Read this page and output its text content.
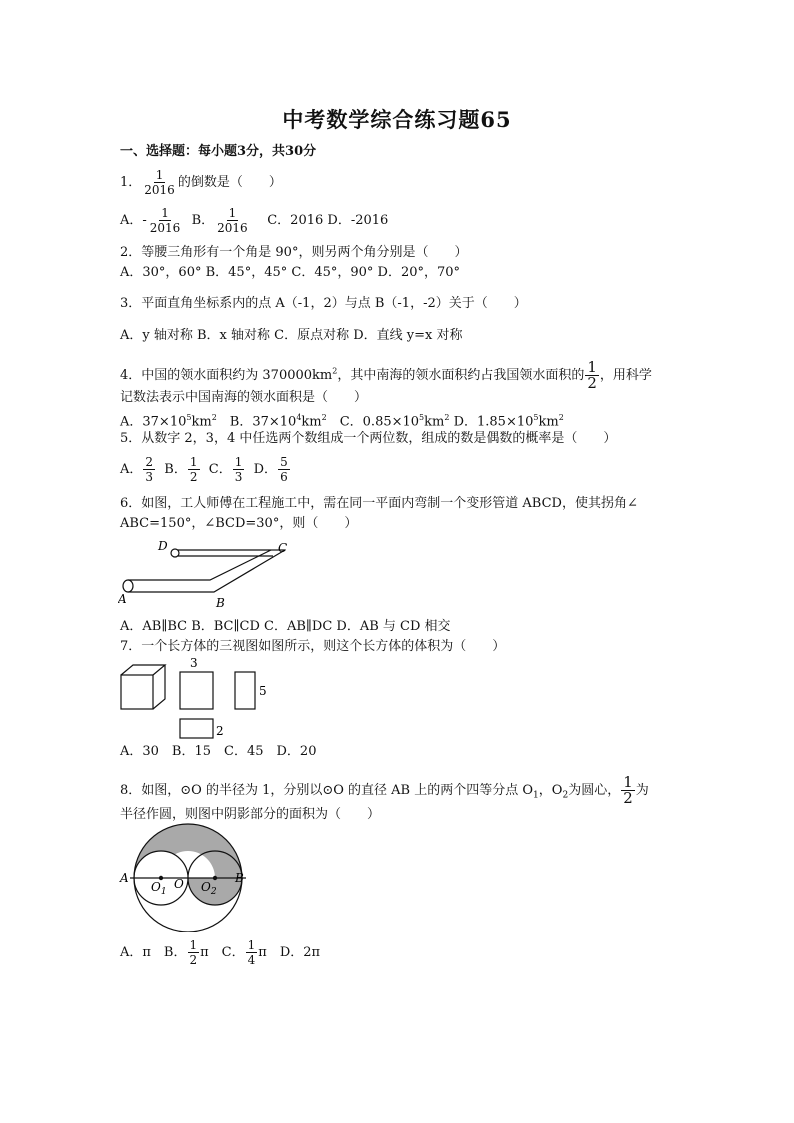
中考数学综合练习题65
一、选择题：每小题3分，共30分
1． $\frac{1}{2016}$ 的倒数是（　　）
A．- $\frac{1}{2016}$ B． $\frac{1}{2016}$ C．2016 D．-2016
2．等腰三角形有一个角是 90°，则另两个角分别是（　　）
A．30°，60° B．45°，45° C．45°，90° D．20°，70°
3．平面直角坐标系内的点 A（-1，2）与点 B（-1，-2）关于（　　）
A．y 轴对称 B．x 轴对称 C．原点对称 D．直线 y=x 对称
4．中国的领水面积约为 $370000km^2$，其中南海的领水面积约占我国领水面积的 $\frac{1}{2}$ ，用科学
记数法表示中国南海的领水面积是（　　）
A．$37\times 10^5km^2$　B．$37\times 10^4km^2$　C．$0.85\times 10^5km^2$ D．$1.85\times 10^5km^2$
5．从数字 2，3，4 中任选两个数组成一个两位数，组成的数是偶数的概率是（　　）
A． $\frac{2}{3}$ B． $\frac{1}{2}$ C． $\frac{1}{3}$ D． $\frac{5}{6}$
6．如图，工人师傅在工程施工中，需在同一平面内弯制一个变形管道 ABCD，使其拐角∠
ABC=150°，∠BCD=30°，则（　　）
A	B
C
D
A．AB∥BC B．BC∥CD C．AB∥DC D．AB 与 CD 相交
7．一个长方体的三视图如图所示，则这个长方体的体积为（　　）
3
5
2
A．30　B．15　C．45　D．20
8．如图，⊙O 的半径为 1，分别以⊙O 的直径 AB 上的两个四等分点 $O_1$，$O_2$为圆心， $\frac{1}{2}$ 为
半径作圆，则图中阴影部分的面积为（　　）
A	B
O
$O_1$	$O_2$
A．π　B． $\frac{1}{2}$ π　C． $\frac{1}{4}$ π　D．2π
